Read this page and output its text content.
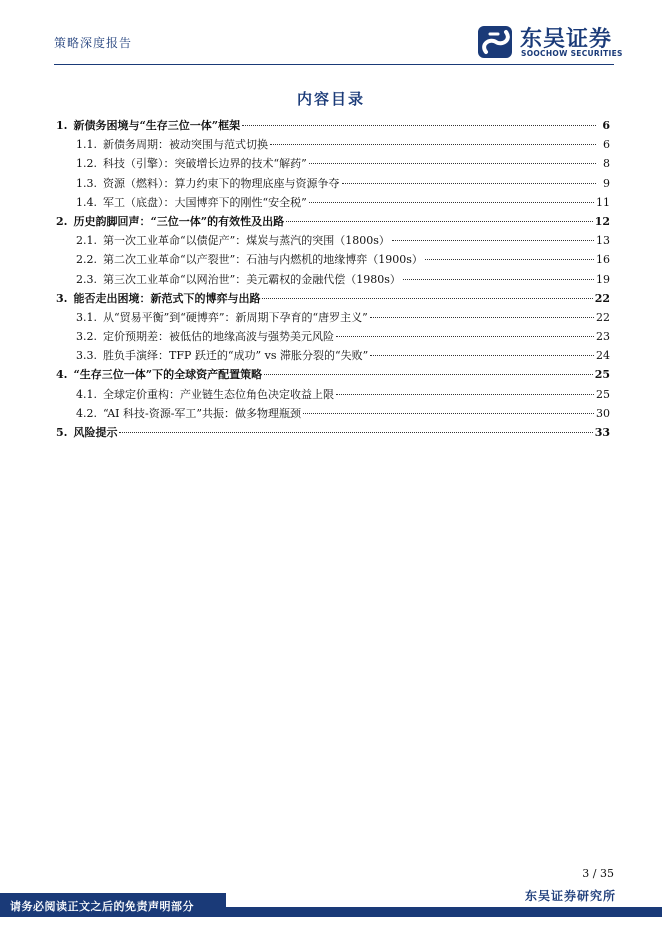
策略深度报告	东吴证券
SOOCHOW SECURITIES
内容目录
1. 新债务困境与“生存三位一体”框架	6
1.1. 新债务周期：被动突围与范式切换	6
1.2. 科技（引擎）：突破增长边界的技术“解药”	8
1.3. 资源（燃料）：算力约束下的物理底座与资源争夺	9
1.4. 军工（底盘）：大国博弈下的刚性“安全税”	11
2. 历史韵脚回声：“三位一体”的有效性及出路	12
2.1. 第一次工业革命“以债促产”：煤炭与蒸汽的突围（1800s）	13
2.2. 第二次工业革命“以产裂世”：石油与内燃机的地缘博弈（1900s）	16
2.3. 第三次工业革命“以网治世”：美元霸权的金融代偿（1980s）	19
3. 能否走出困境：新范式下的博弈与出路	22
3.1. 从“贸易平衡”到“硬博弈”：新周期下孕育的“唐罗主义”	22
3.2. 定价预期差：被低估的地缘高波与强势美元风险	23
3.3. 胜负手演绎：TFP 跃迁的“成功” vs 滞胀分裂的“失败”	24
4. “生存三位一体”下的全球资产配置策略	25
4.1. 全球定价重构：产业链生态位角色决定收益上限	25
4.2. “AI 科技-资源-军工”共振：做多物理瓶颈	30
5. 风险提示	33
3 / 35
东吴证券研究所
请务必阅读正文之后的免责声明部分
